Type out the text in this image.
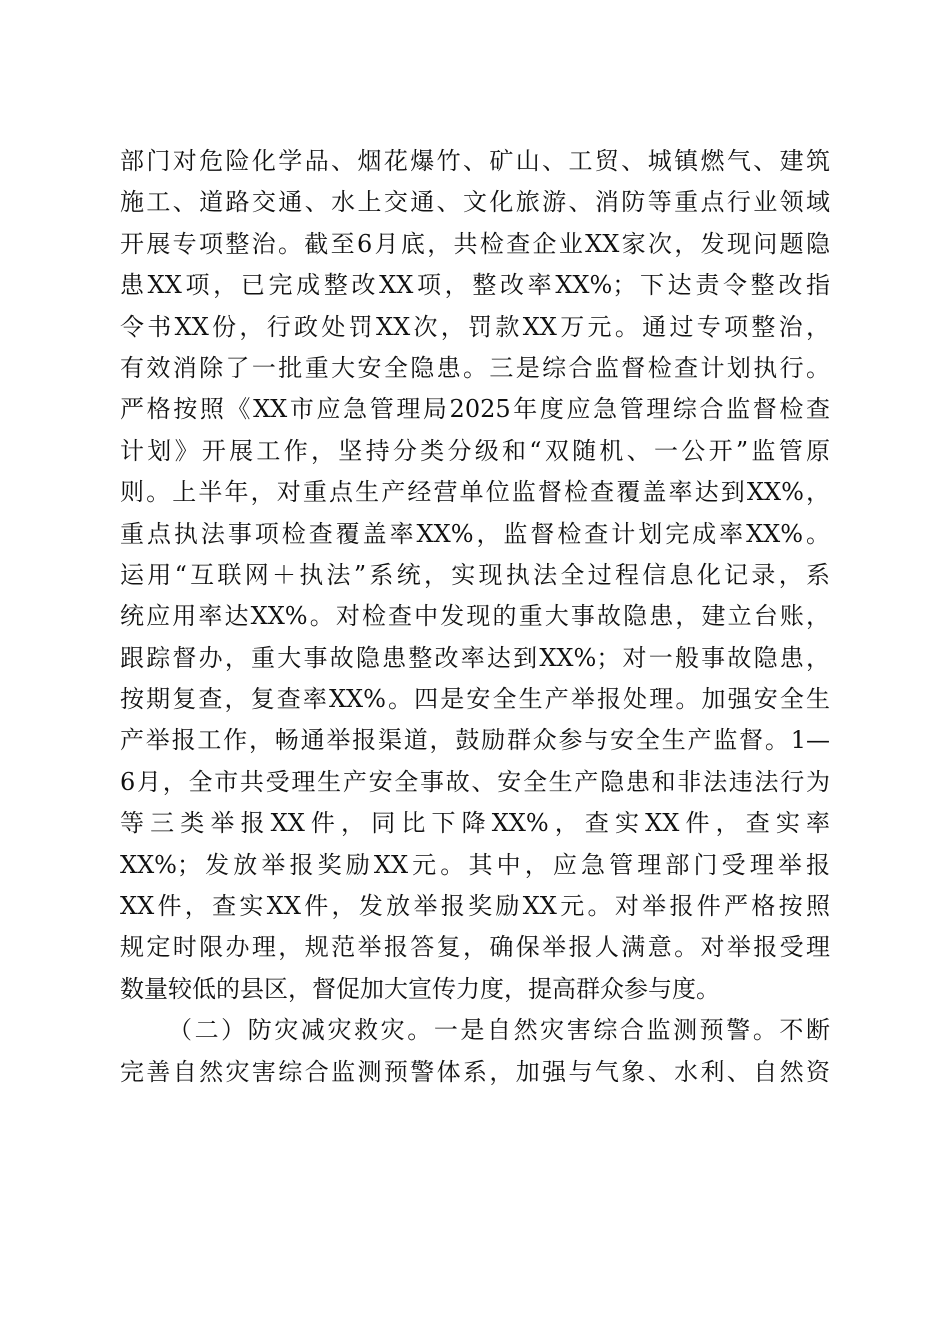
部门对危险化学品、烟花爆竹、矿山、工贸、城镇燃气、建筑
施工、道路交通、水上交通、文化旅游、消防等重点行业领域
开展专项整治。截至6月底，共检查企业XX家次，发现问题隐
患XX项，已完成整改XX项，整改率XX%；下达责令整改指
令书XX份，行政处罚XX次，罚款XX万元。通过专项整治，
有效消除了一批重大安全隐患。三是综合监督检查计划执行。
严格按照《XX市应急管理局2025年度应急管理综合监督检查
计划》开展工作，坚持分类分级和“双随机、一公开”监管原
则。上半年，对重点生产经营单位监督检查覆盖率达到XX%，
重点执法事项检查覆盖率XX%，监督检查计划完成率XX%。
运用“互联网＋执法”系统，实现执法全过程信息化记录，系
统应用率达XX%。对检查中发现的重大事故隐患，建立台账，
跟踪督办，重大事故隐患整改率达到XX%；对一般事故隐患，
按期复查，复查率XX%。四是安全生产举报处理。加强安全生
产举报工作，畅通举报渠道，鼓励群众参与安全生产监督。1—
6月，全市共受理生产安全事故、安全生产隐患和非法违法行为
等三类举报XX件，同比下降XX%，查实XX件，查实率
XX%；发放举报奖励XX元。其中，应急管理部门受理举报
XX件，查实XX件，发放举报奖励XX元。对举报件严格按照
规定时限办理，规范举报答复，确保举报人满意。对举报受理
数量较低的县区，督促加大宣传力度，提高群众参与度。
（二）防灾减灾救灾。一是自然灾害综合监测预警。不断
完善自然灾害综合监测预警体系，加强与气象、水利、自然资
